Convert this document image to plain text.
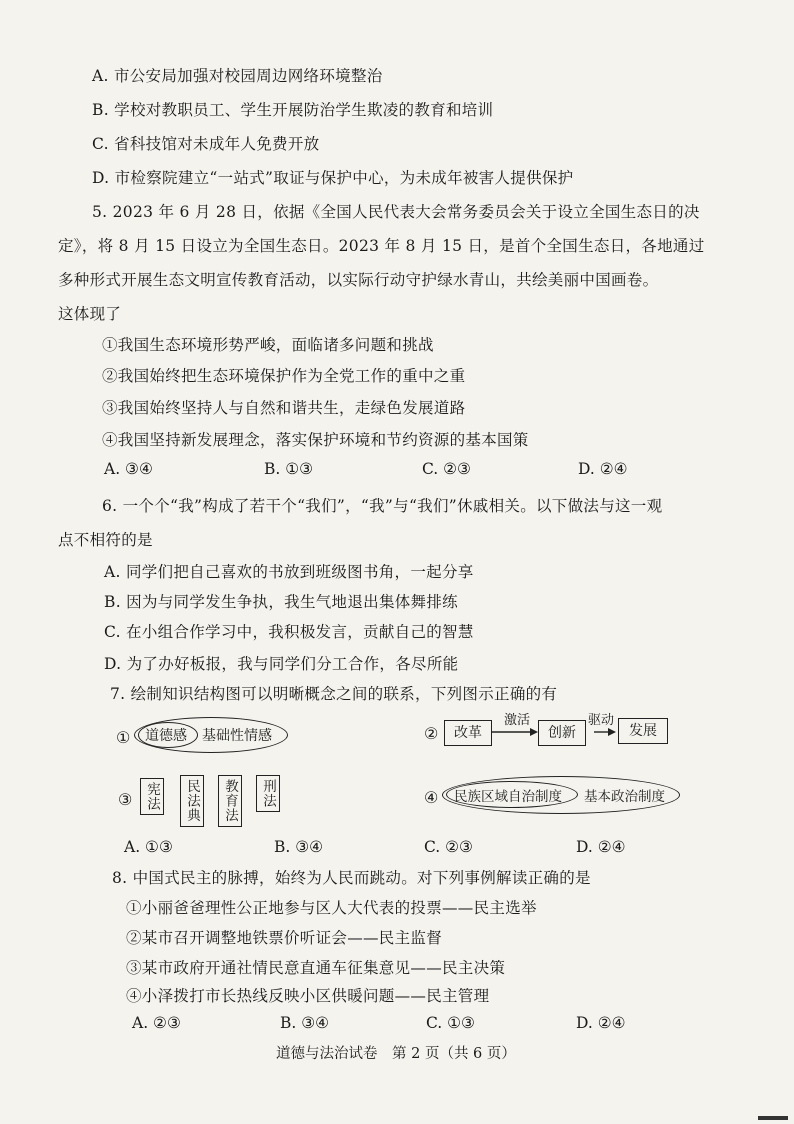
A. 市公安局加强对校园周边网络环境整治
B. 学校对教职员工、学生开展防治学生欺凌的教育和培训
C. 省科技馆对未成年人免费开放
D. 市检察院建立“一站式”取证与保护中心，为未成年被害人提供保护
5. 2023 年 6 月 28 日，依据《全国人民代表大会常务委员会关于设立全国生态日的决
定》，将 8 月 15 日设立为全国生态日。2023 年 8 月 15 日，是首个全国生态日，各地通过
多种形式开展生态文明宣传教育活动，以实际行动守护绿水青山，共绘美丽中国画卷。
这体现了
①我国生态环境形势严峻，面临诸多问题和挑战
②我国始终把生态环境保护作为全党工作的重中之重
③我国始终坚持人与自然和谐共生，走绿色发展道路
④我国坚持新发展理念，落实保护环境和节约资源的基本国策
A. ③④	B. ①③	C. ②③	D. ②④
6. 一个个“我”构成了若干个“我们”，“我”与“我们”休戚相关。以下做法与这一观
点不相符的是
A. 同学们把自己喜欢的书放到班级图书角，一起分享
B. 因为与同学发生争执，我生气地退出集体舞排练
C. 在小组合作学习中，我积极发言，贡献自己的智慧
D. 为了办好板报，我与同学们分工合作，各尽所能
7. 绘制知识结构图可以明晰概念之间的联系，下列图示正确的有
① 道德感 基础性情感	②	改革
激活
创新
驱动
发展
③ 宪法 民法典 教育法 刑法	④ 民族区域自治制度 基本政治制度
A. ①③	B. ③④	C. ②③	D. ②④
8. 中国式民主的脉搏，始终为人民而跳动。对下列事例解读正确的是
①小丽爸爸理性公正地参与区人大代表的投票——民主选举
②某市召开调整地铁票价听证会——民主监督
③某市政府开通社情民意直通车征集意见——民主决策
④小泽拨打市长热线反映小区供暖问题——民主管理
A. ②③	B. ③④	C. ①③	D. ②④
道德与法治试卷　第 2 页（共 6 页）
